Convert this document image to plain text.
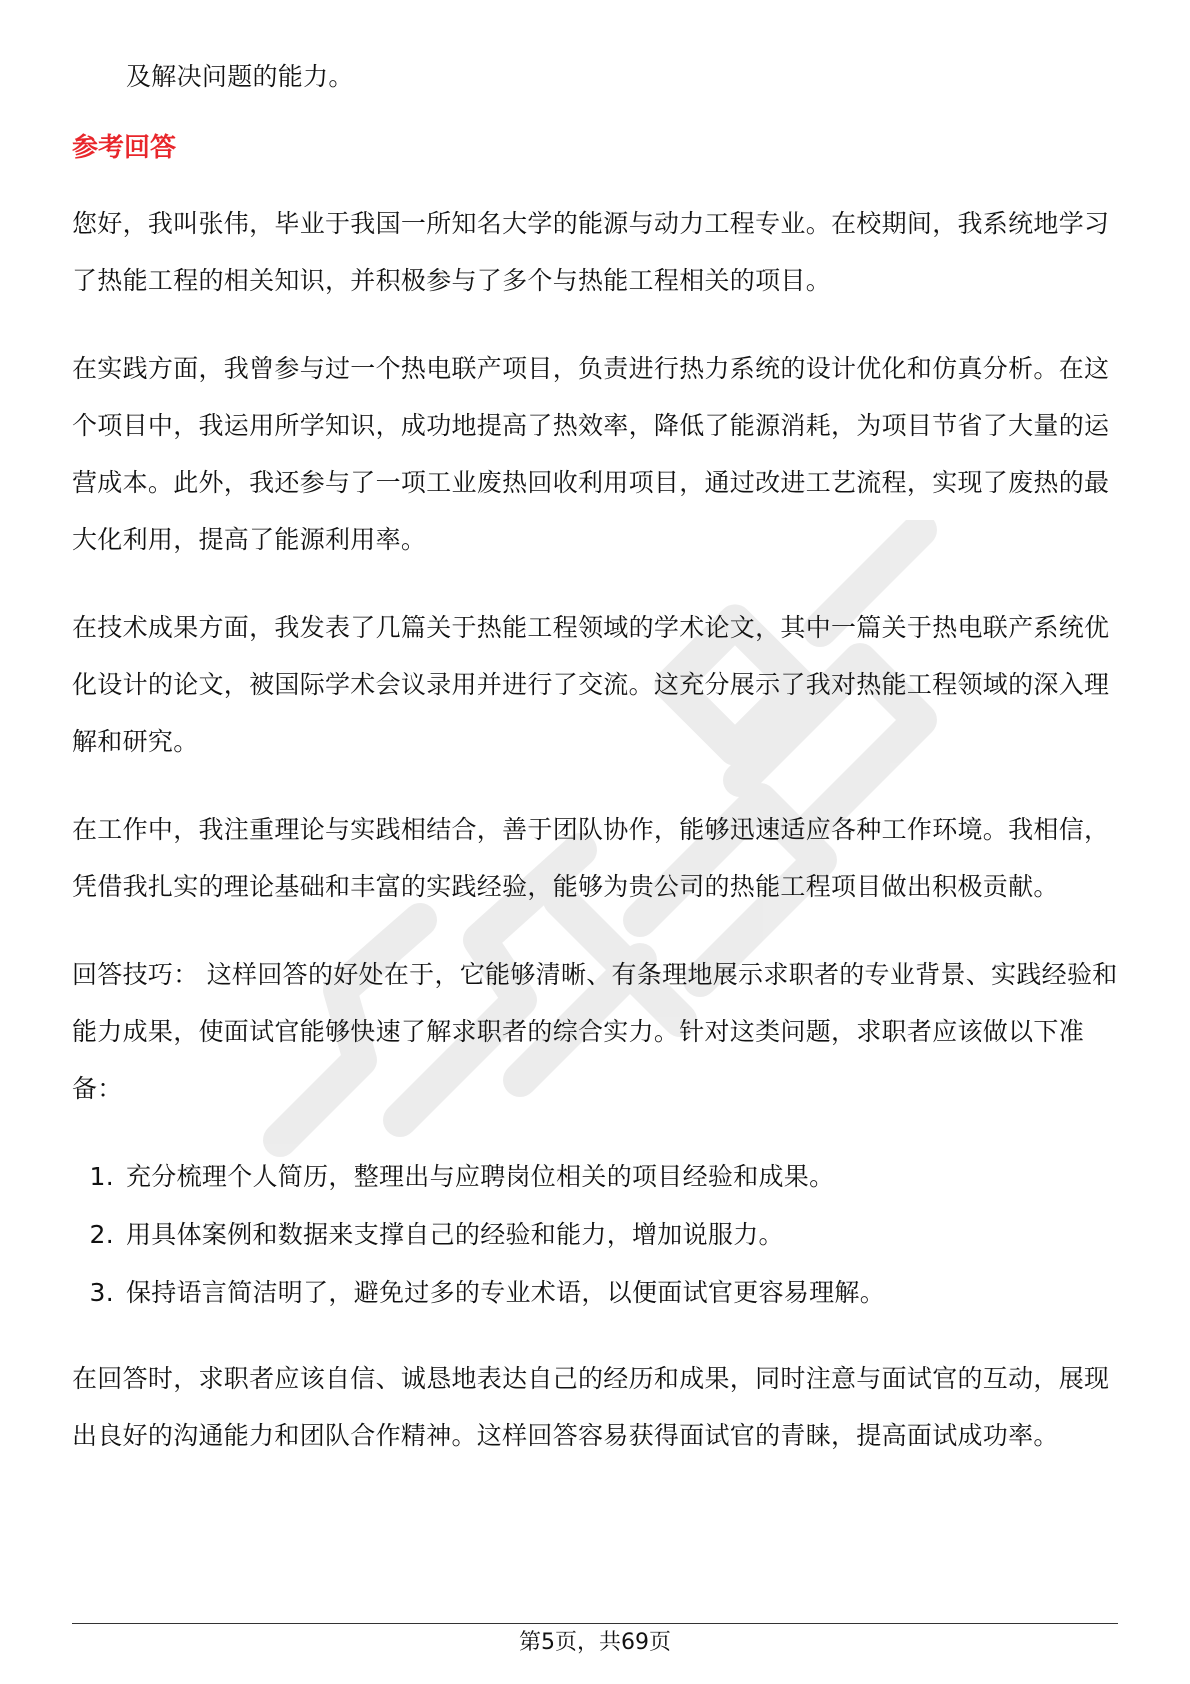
及解决问题的能力。

参考回答

您好，我叫张伟，毕业于我国一所知名大学的能源与动力工程专业。在校期间，我系统地学习了热能工程的相关知识，并积极参与了多个与热能工程相关的项目。

在实践方面，我曾参与过一个热电联产项目，负责进行热力系统的设计优化和仿真分析。在这个项目中，我运用所学知识，成功地提高了热效率，降低了能源消耗，为项目节省了大量的运营成本。此外，我还参与了一项工业废热回收利用项目，通过改进工艺流程，实现了废热的最大化利用，提高了能源利用率。

在技术成果方面，我发表了几篇关于热能工程领域的学术论文，其中一篇关于热电联产系统优化设计的论文，被国际学术会议录用并进行了交流。这充分展示了我对热能工程领域的深入理解和研究。

在工作中，我注重理论与实践相结合，善于团队协作，能够迅速适应各种工作环境。我相信，凭借我扎实的理论基础和丰富的实践经验，能够为贵公司的热能工程项目做出积极贡献。

回答技巧： 这样回答的好处在于，它能够清晰、有条理地展示求职者的专业背景、实践经验和能力成果，使面试官能够快速了解求职者的综合实力。针对这类问题，求职者应该做以下准备：

1. 充分梳理个人简历，整理出与应聘岗位相关的项目经验和成果。
2. 用具体案例和数据来支撑自己的经验和能力，增加说服力。
3. 保持语言简洁明了，避免过多的专业术语，以便面试官更容易理解。

在回答时，求职者应该自信、诚恳地表达自己的经历和成果，同时注意与面试官的互动，展现出良好的沟通能力和团队合作精神。这样回答容易获得面试官的青睐，提高面试成功率。

第5页，共69页
